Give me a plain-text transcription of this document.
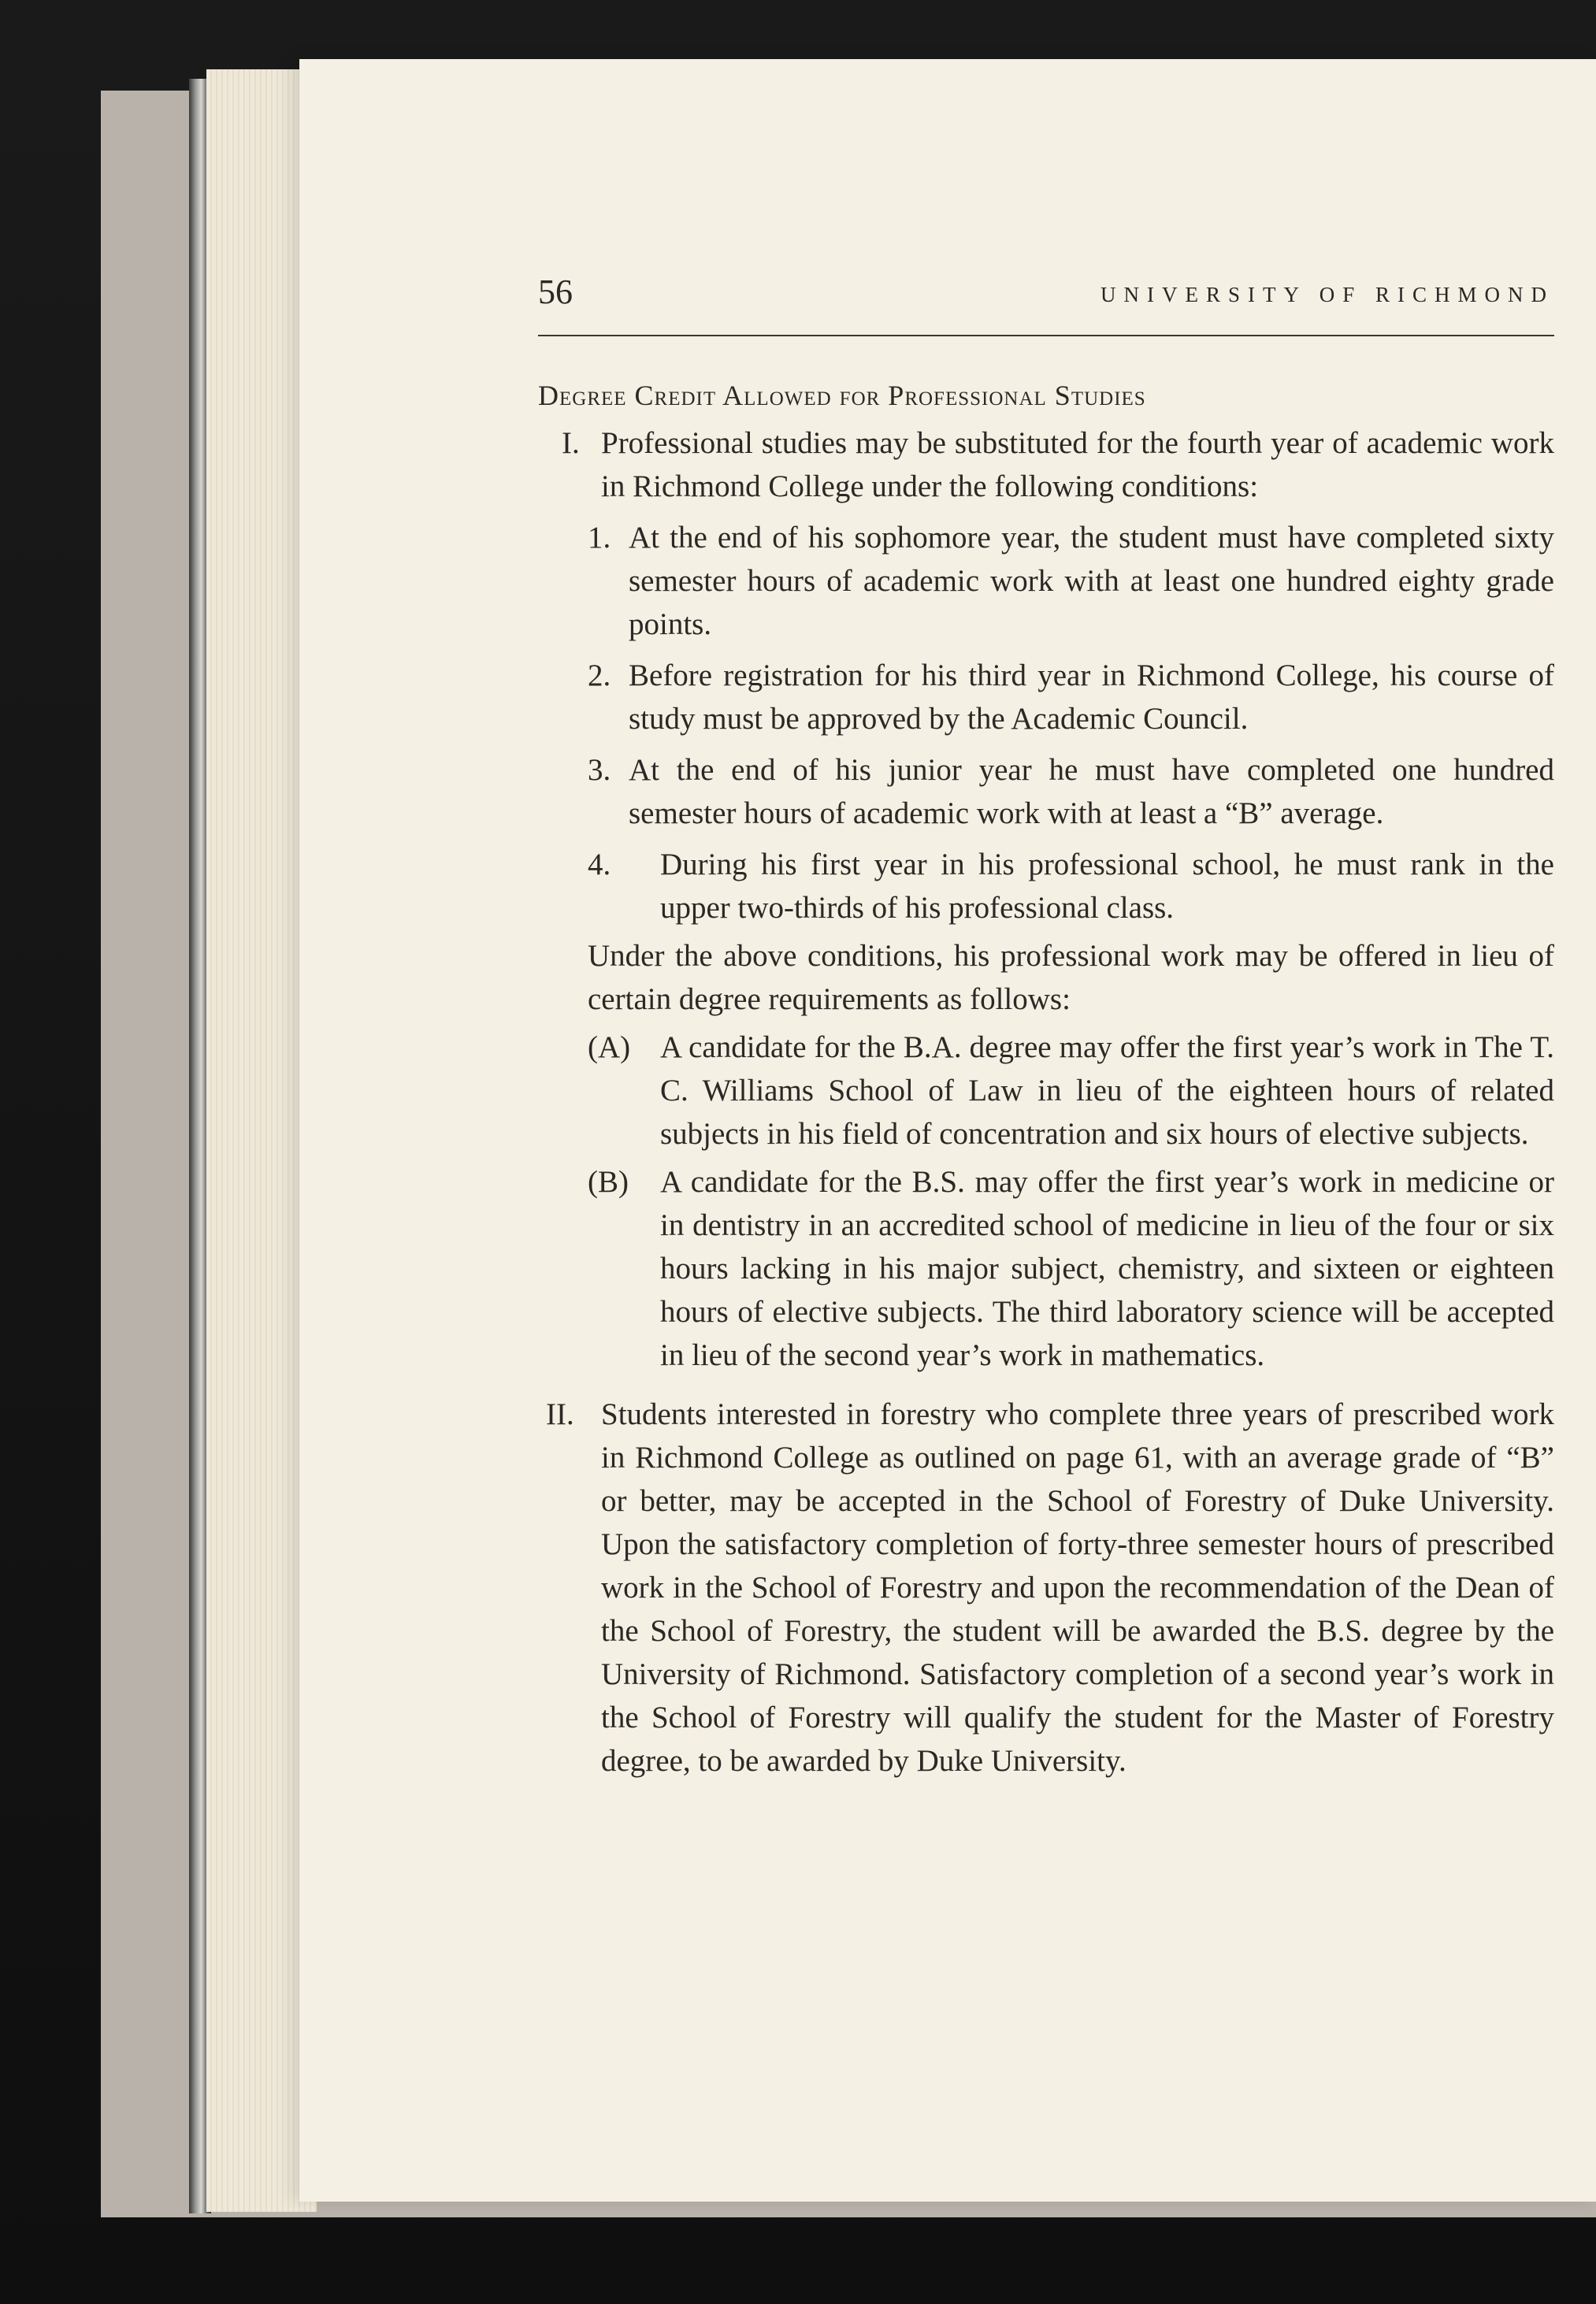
56	UNIVERSITY OF RICHMOND
Degree Credit Allowed for Professional Studies
I. Professional studies may be substituted for the fourth year of academic work in Richmond College under the following conditions:
1. At the end of his sophomore year, the student must have completed sixty semester hours of academic work with at least one hundred eighty grade points.
2. Before registration for his third year in Richmond College, his course of study must be approved by the Academic Council.
3. At the end of his junior year he must have completed one hundred semester hours of academic work with at least a “B” average.
4. During his first year in his professional school, he must rank in the upper two-thirds of his professional class.
Under the above conditions, his professional work may be offered in lieu of certain degree requirements as follows:
(A) A candidate for the B.A. degree may offer the first year’s work in The T. C. Williams School of Law in lieu of the eighteen hours of related subjects in his field of concentration and six hours of elective subjects.
(B) A candidate for the B.S. may offer the first year’s work in medicine or in dentistry in an accredited school of medicine in lieu of the four or six hours lacking in his major subject, chemistry, and sixteen or eighteen hours of elective subjects. The third laboratory science will be accepted in lieu of the second year’s work in mathematics.
II. Students interested in forestry who complete three years of prescribed work in Richmond College as outlined on page 61, with an average grade of “B” or better, may be accepted in the School of Forestry of Duke University. Upon the satisfactory completion of forty-three semester hours of prescribed work in the School of Forestry and upon the recommendation of the Dean of the School of Forestry, the student will be awarded the B.S. degree by the University of Richmond. Satisfactory completion of a second year’s work in the School of Forestry will qualify the student for the Master of Forestry degree, to be awarded by Duke University.
